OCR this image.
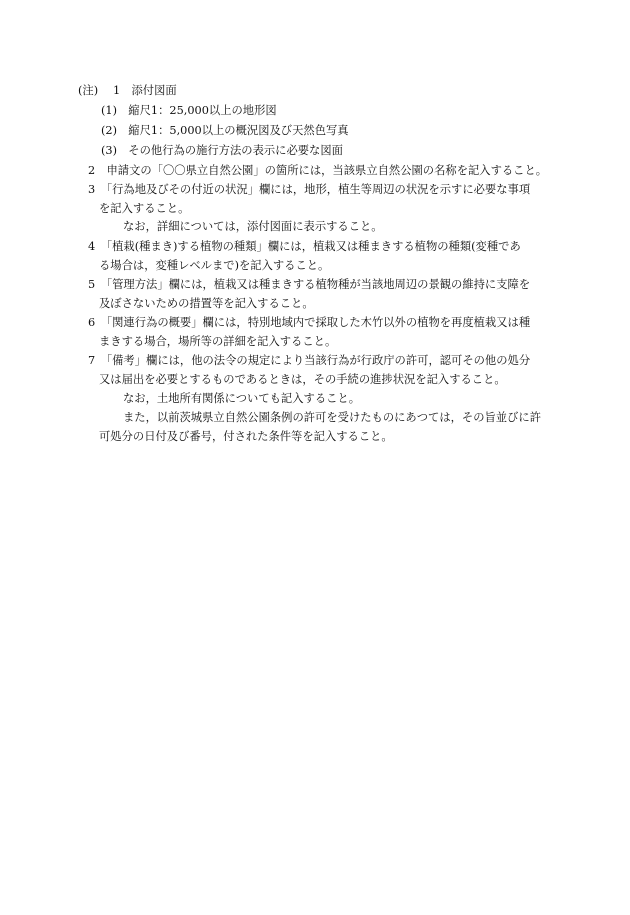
(注) 1　添付図面
(1)　縮尺1：25,000以上の地形図
(2)　縮尺1：5,000以上の概況図及び天然色写真
(3)　その他行為の施行方法の表示に必要な図面
2　申請文の「〇〇県立自然公園」の箇所には，当該県立自然公園の名称を記入すること。
3　「行為地及びその付近の状況」欄には，地形，植生等周辺の状況を示すに必要な事項
を記入すること。
なお，詳細については，添付図面に表示すること。
4　「植栽(種まき)する植物の種類」欄には，植栽又は種まきする植物の種類(変種であ
る場合は，変種レベルまで)を記入すること。
5　「管理方法」欄には，植栽又は種まきする植物種が当該地周辺の景観の維持に支障を
及ぼさないための措置等を記入すること。
6　「関連行為の概要」欄には，特別地域内で採取した木竹以外の植物を再度植栽又は種
まきする場合，場所等の詳細を記入すること。
7　「備考」欄には，他の法令の規定により当該行為が行政庁の許可，認可その他の処分
又は届出を必要とするものであるときは，その手続の進捗状況を記入すること。
なお，土地所有関係についても記入すること。
また，以前茨城県立自然公園条例の許可を受けたものにあつては，その旨並びに許
可処分の日付及び番号，付された条件等を記入すること。
